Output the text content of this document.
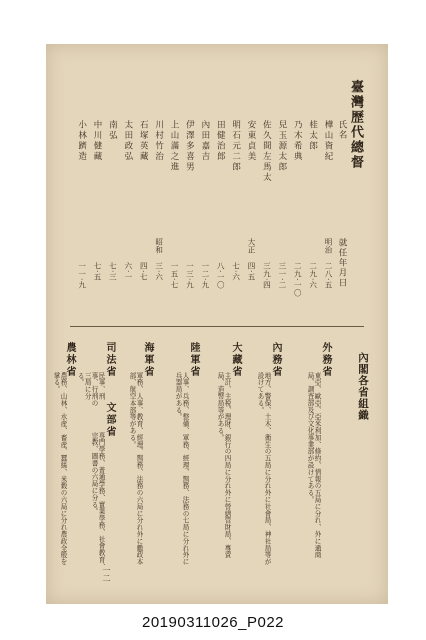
臺灣歷代總督
氏名
就任年月日
樺山資紀
明治
二八·五
桂太郎
二九·六
乃木希典
二九·一〇
兒玉源太郎
三一·二
佐久間左馬太
三九·四
安東貞美
大正
四·五
明石元二郎
七·六
田健治郎
八·一〇
內田嘉吉
一二·九
伊澤多喜男
一三·九
上山滿之進
一五·七
川村竹治
昭和
三·六
石塚英藏
四·七
太田政弘
六·一
南弘
七·三
中川健藏
七·五
小林躋造
一一·九
內閣各省組織
外務省
內務省
大藏省
陸軍省
海軍省
司法省
文部省
農林省
東亞、歐亞、亞米利加、條約、情報の五局に分れ、外に通商局、調査部及び文化事業部が設けてある。
地方、警保、土木、衛生の五局に分れ外に社會局、神社局等が設けてある。
主計、主税、理財、銀行の四局に分れ外に營繕管財局、專賣局、造幣局等がある。
人事、兵務、整備、軍務、經理、醫務、法務の七局に分れ外に兵器局がある。
軍務、人事、教育、經理、醫務、法務の六局に分れ外に艦政本部、航空本部等がある。
民事、刑事、行刑の三局に分る。
専門學務、普通學務、實業學務、社會教育、宗教、圖書の六局に分る。
農務、山林、水産、畜産、蠶絲、米穀の六局に分れ農政全般を掌る。
一二
20190311026_P022
